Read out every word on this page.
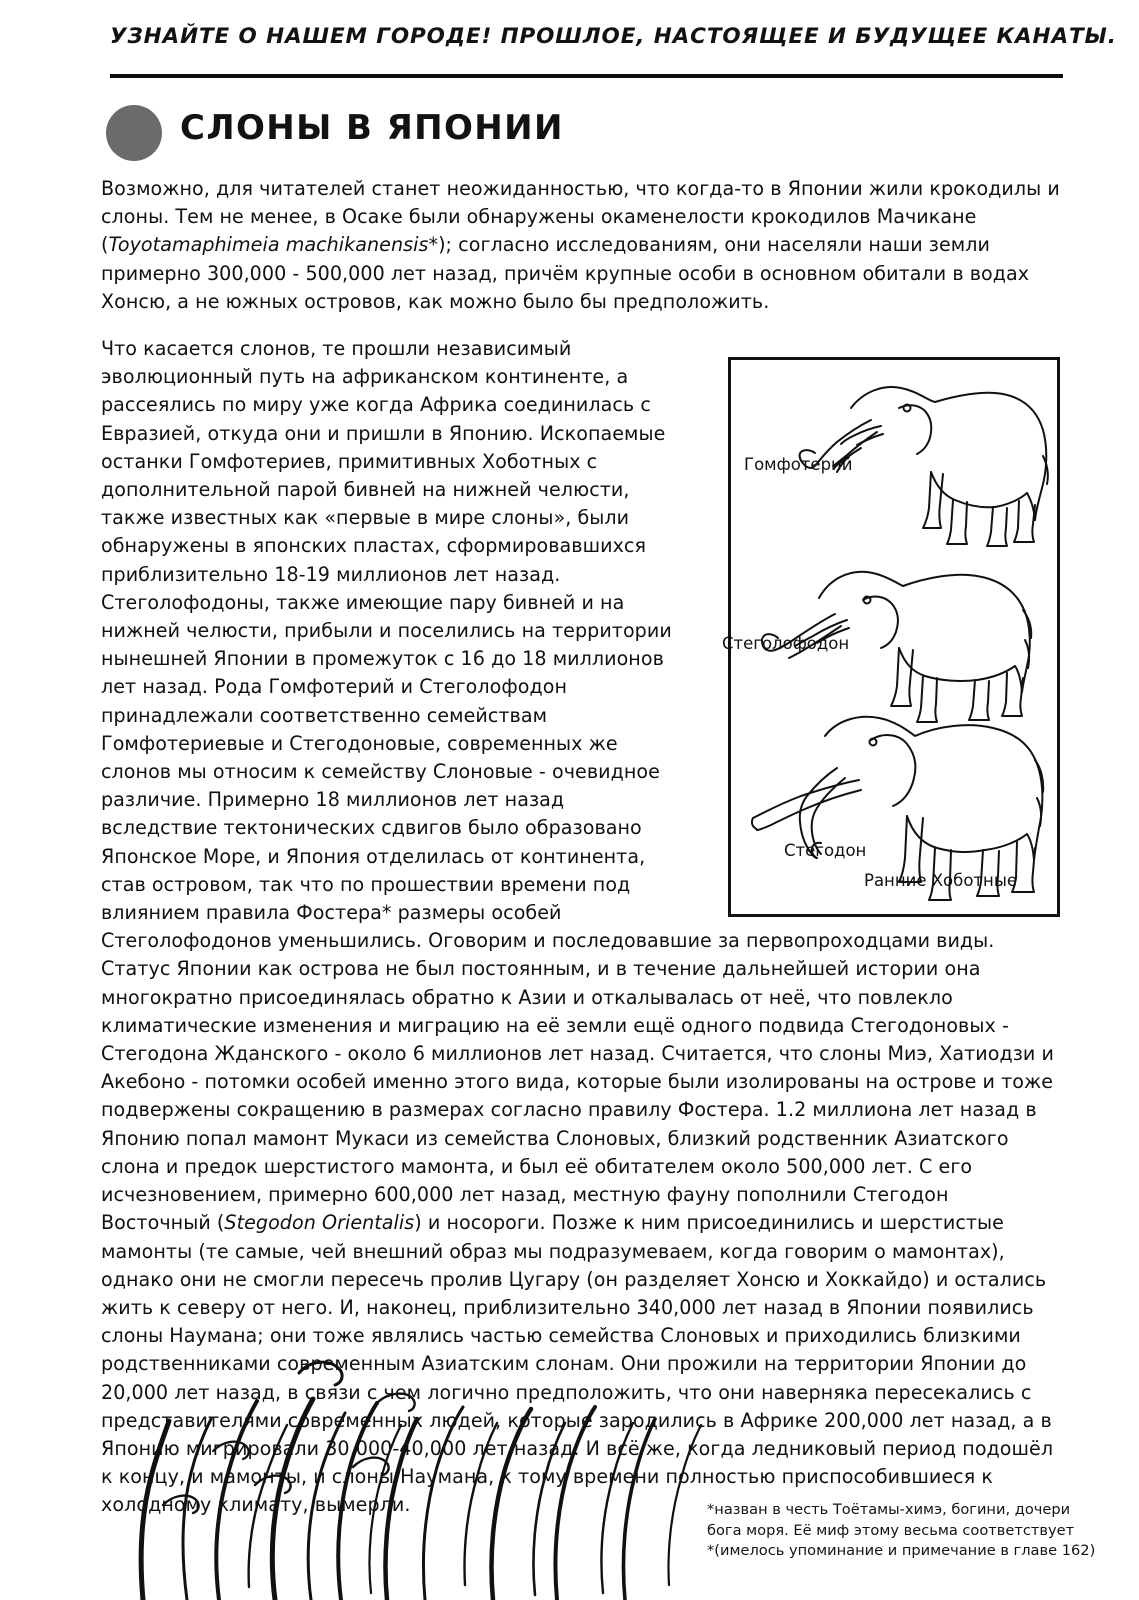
УЗНАЙТЕ О НАШЕМ ГОРОДЕ! ПРОШЛОЕ, НАСТОЯЩЕЕ И БУДУЩЕЕ КАНАТЫ.
СЛОНЫ В ЯПОНИИ
Возможно, для читателей станет неожиданностью, что когда-то в Японии жили крокодилы и слоны. Тем не менее, в Осаке были обнаружены окаменелости крокодилов Мачикане (Toyotamaphimeia machikanensis*); согласно исследованиям, они населяли наши земли примерно 300,000 - 500,000 лет назад, причём крупные особи в основном обитали в водах Хонсю, а не южных островов, как можно было бы предположить.
Что касается слонов, те прошли независимый эволюционный путь на африканском континенте, а рассеялись по миру уже когда Африка соединилась с Евразией, откуда они и пришли в Японию. Ископаемые останки Гомфотериев, примитивных Хоботных с дополнительной парой бивней на нижней челюсти, также известных как «первые в мире слоны», были обнаружены в японских пластах, сформировавшихся приблизительно 18-19 миллионов лет назад. Стеголофодоны, также имеющие пару бивней и на нижней челюсти, прибыли и поселились на территории нынешней Японии в промежуток с 16 до 18 миллионов лет назад. Рода Гомфотерий и Стеголофодон принадлежали соответственно семействам Гомфотериевые и Стегодоновые, современных же слонов мы относим к семейству Слоновые - очевидное различие. Примерно 18 миллионов лет назад вследствие тектонических сдвигов было образовано Японское Море, и Япония отделилась от континента, став островом, так что по прошествии времени под влиянием правила Фостера* размеры особей Стеголофодонов уменьшились. Оговорим и последовавшие за первопроходцами виды. Статус Японии как острова не был постоянным, и в течение дальнейшей истории она многократно присоединялась обратно к Азии и откалывалась от неё, что повлекло климатические изменения и миграцию на её земли ещё одного подвида Стегодоновых - Стегодона Жданского - около 6 миллионов лет назад. Считается, что слоны Миэ, Хатиодзи и Акебоно - потомки особей именно этого вида, которые были изолированы на острове и тоже подвержены сокращению в размерах согласно правилу Фостера. 1.2 миллиона лет назад в Японию попал мамонт Мукаси из семейства Слоновых, близкий родственник Азиатского слона и предок шерстистого мамонта, и был её обитателем около 500,000 лет. С его исчезновением, примерно 600,000 лет назад, местную фауну пополнили Стегодон Восточный (Stegodon Orientalis) и носороги. Позже к ним присоединились и шерстистые мамонты (те самые, чей внешний образ мы подразумеваем, когда говорим о мамонтах), однако они не смогли пересечь пролив Цугару (он разделяет Хонсю и Хоккайдо) и остались жить к северу от него. И, наконец, приблизительно 340,000 лет назад в Японии появились слоны Наумана; они тоже являлись частью семейства Слоновых и приходились близкими родственниками современным Азиатским слонам. Они прожили на территории Японии до 20,000 лет назад, в связи с чем логично предположить, что они наверняка пересекались с представителями современных людей, которые зародились в Африке 200,000 лет назад, а в Японию мигрировали 30,000-40,000 лет назад. И всё же, когда ледниковый период подошёл к концу, и мамонты, и слоны Наумана, к тому времени полностью приспособившиеся к холодному климату, вымерли.
Гомфотерий
Стеголофодон
Стегодон
Ранние Хоботные
*назван в честь Тоётамы-химэ, богини, дочери
бога моря. Её миф этому весьма соответствует
*(имелось упоминание и примечание в главе 162)
